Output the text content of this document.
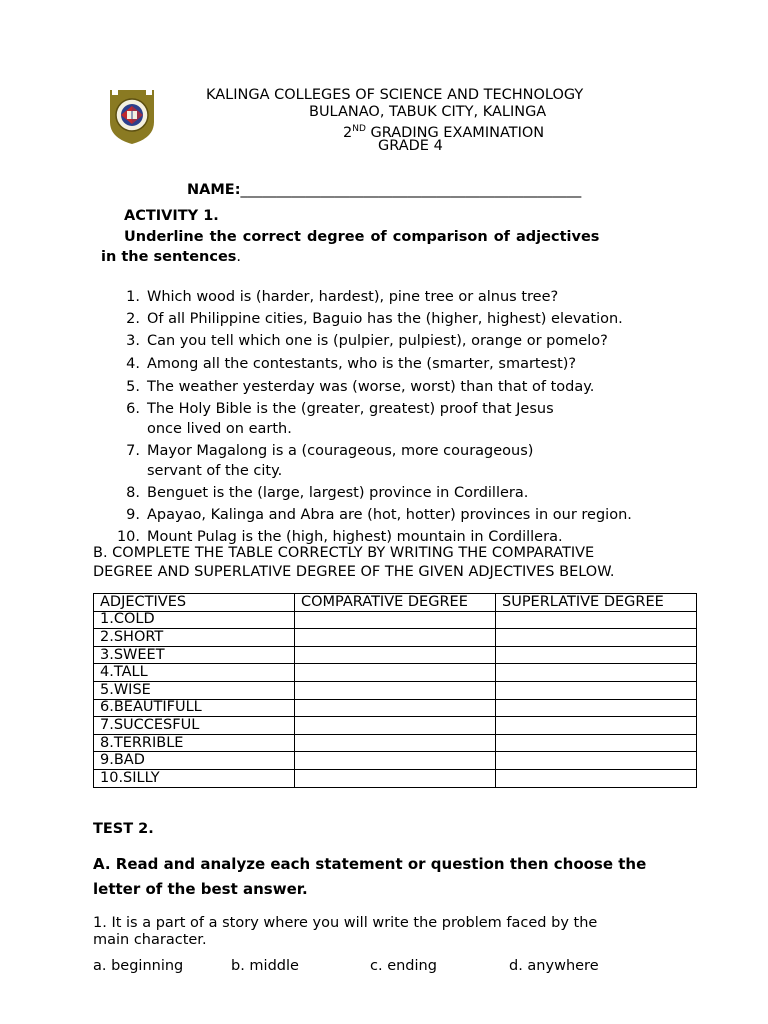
KALINGA COLLEGES OF SCIENCE AND TECHNOLOGY
BULANAO, TABUK CITY, KALINGA
2ND GRADING EXAMINATION
GRADE 4
NAME:_______________________________________________
ACTIVITY 1.
Underline the correct degree of comparison of adjectives
in the sentences.
1. Which wood is (harder, hardest), pine tree or alnus tree?
2. Of all Philippine cities, Baguio has the (higher, highest) elevation.
3. Can you tell which one is (pulpier, pulpiest), orange or pomelo?
4. Among all the contestants, who is the (smarter, smartest)?
5. The weather yesterday was (worse, worst) than that of today.
6. The Holy Bible is the (greater, greatest) proof that Jesus
once lived on earth.
7. Mayor Magalong is a (courageous, more courageous)
servant of the city.
8. Benguet is the (large, largest) province in Cordillera.
9. Apayao, Kalinga and Abra are (hot, hotter) provinces in our region.
10. Mount Pulag is the (high, highest) mountain in Cordillera.
B. COMPLETE THE TABLE CORRECTLY BY WRITING THE COMPARATIVE
DEGREE AND SUPERLATIVE DEGREE OF THE GIVEN ADJECTIVES BELOW.
ADJECTIVES	COMPARATIVE DEGREE	SUPERLATIVE DEGREE
1.COLD		
2.SHORT		
3.SWEET		
4.TALL		
5.WISE		
6.BEAUTIFULL		
7.SUCCESFUL		
8.TERRIBLE		
9.BAD		
10.SILLY		
TEST 2.
A. Read and analyze each statement or question then choose the
letter of the best answer.
1. It is a part of a story where you will write the problem faced by the
main character.
a. beginning	b. middle	c. ending	d. anywhere
